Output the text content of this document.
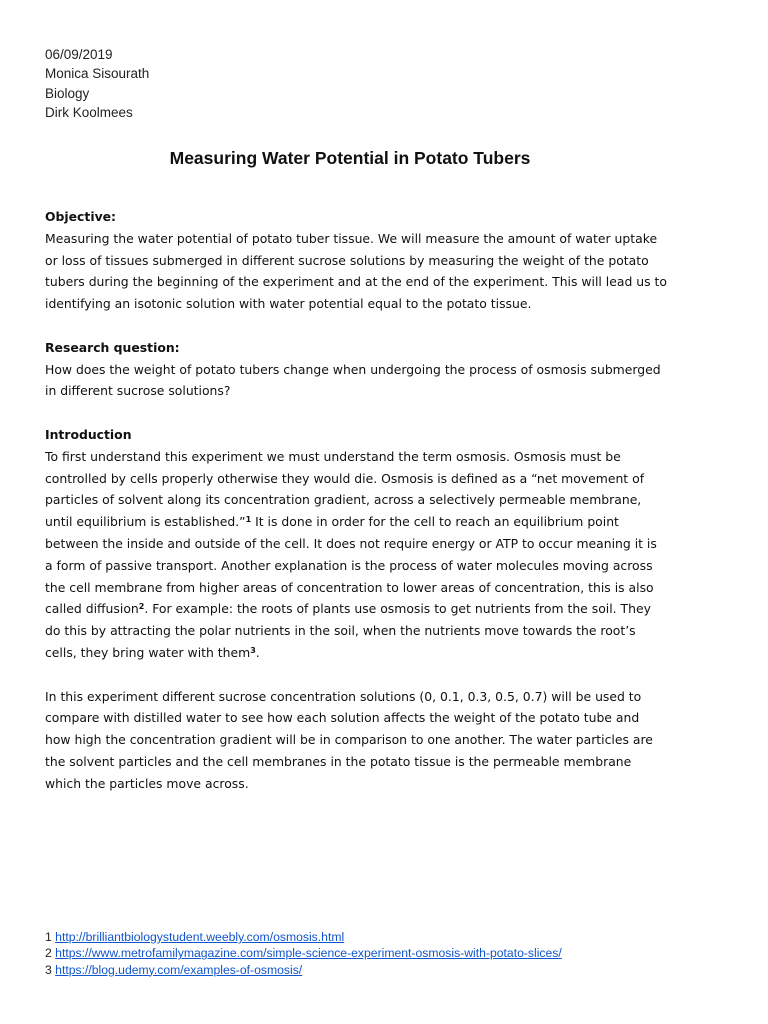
06/09/2019
Monica Sisourath
Biology
Dirk Koolmees
Measuring Water Potential in Potato Tubers
Objective:
Measuring the water potential of potato tuber tissue. We will measure the amount of water uptake
or loss of tissues submerged in different sucrose solutions by measuring the weight of the potato
tubers during the beginning of the experiment and at the end of the experiment. This will lead us to
identifying an isotonic solution with water potential equal to the potato tissue.
Research question:
How does the weight of potato tubers change when undergoing the process of osmosis submerged
in different sucrose solutions?
Introduction
To first understand this experiment we must understand the term osmosis. Osmosis must be
controlled by cells properly otherwise they would die. Osmosis is defined as a “net movement of
particles of solvent along its concentration gradient, across a selectively permeable membrane,
until equilibrium is established.”$^1$ It is done in order for the cell to reach an equilibrium point
between the inside and outside of the cell. It does not require energy or ATP to occur meaning it is
a form of passive transport. Another explanation is the process of water molecules moving across
the cell membrane from higher areas of concentration to lower areas of concentration, this is also
called diffusion$^2$. For example: the roots of plants use osmosis to get nutrients from the soil. They
do this by attracting the polar nutrients in the soil, when the nutrients move towards the root’s
cells, they bring water with them$^3$.
In this experiment different sucrose concentration solutions (0, 0.1, 0.3, 0.5, 0.7) will be used to
compare with distilled water to see how each solution affects the weight of the potato tube and
how high the concentration gradient will be in comparison to one another. The water particles are
the solvent particles and the cell membranes in the potato tissue is the permeable membrane
which the particles move across.
1 http://brilliantbiologystudent.weebly.com/osmosis.html
2 https://www.metrofamilymagazine.com/simple-science-experiment-osmosis-with-potato-slices/
3 https://blog.udemy.com/examples-of-osmosis/
